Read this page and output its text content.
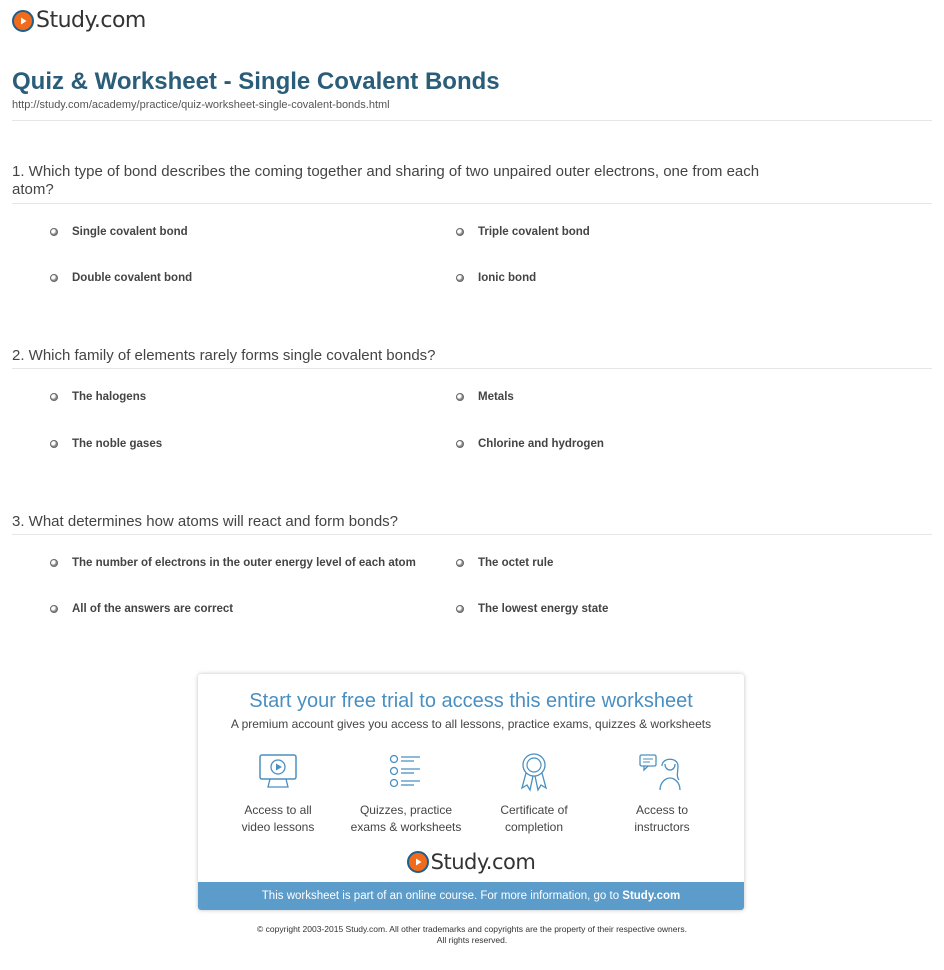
Study.com
Quiz & Worksheet - Single Covalent Bonds
http://study.com/academy/practice/quiz-worksheet-single-covalent-bonds.html
1. Which type of bond describes the coming together and sharing of two unpaired outer electrons, one from each atom?
Single covalent bond	Triple covalent bond
Double covalent bond	Ionic bond
2. Which family of elements rarely forms single covalent bonds?
The halogens	Metals
The noble gases	Chlorine and hydrogen
3. What determines how atoms will react and form bonds?
The number of electrons in the outer energy level of each atom	The octet rule
All of the answers are correct	The lowest energy state
Start your free trial to access this entire worksheet
A premium account gives you access to all lessons, practice exams, quizzes & worksheets
Access to all
video lessons
Quizzes, practice
exams & worksheets
Certificate of
completion
Access to
instructors
Study.com
This worksheet is part of an online course. For more information, go to Study.com
© copyright 2003-2015 Study.com. All other trademarks and copyrights are the property of their respective owners.
All rights reserved.
